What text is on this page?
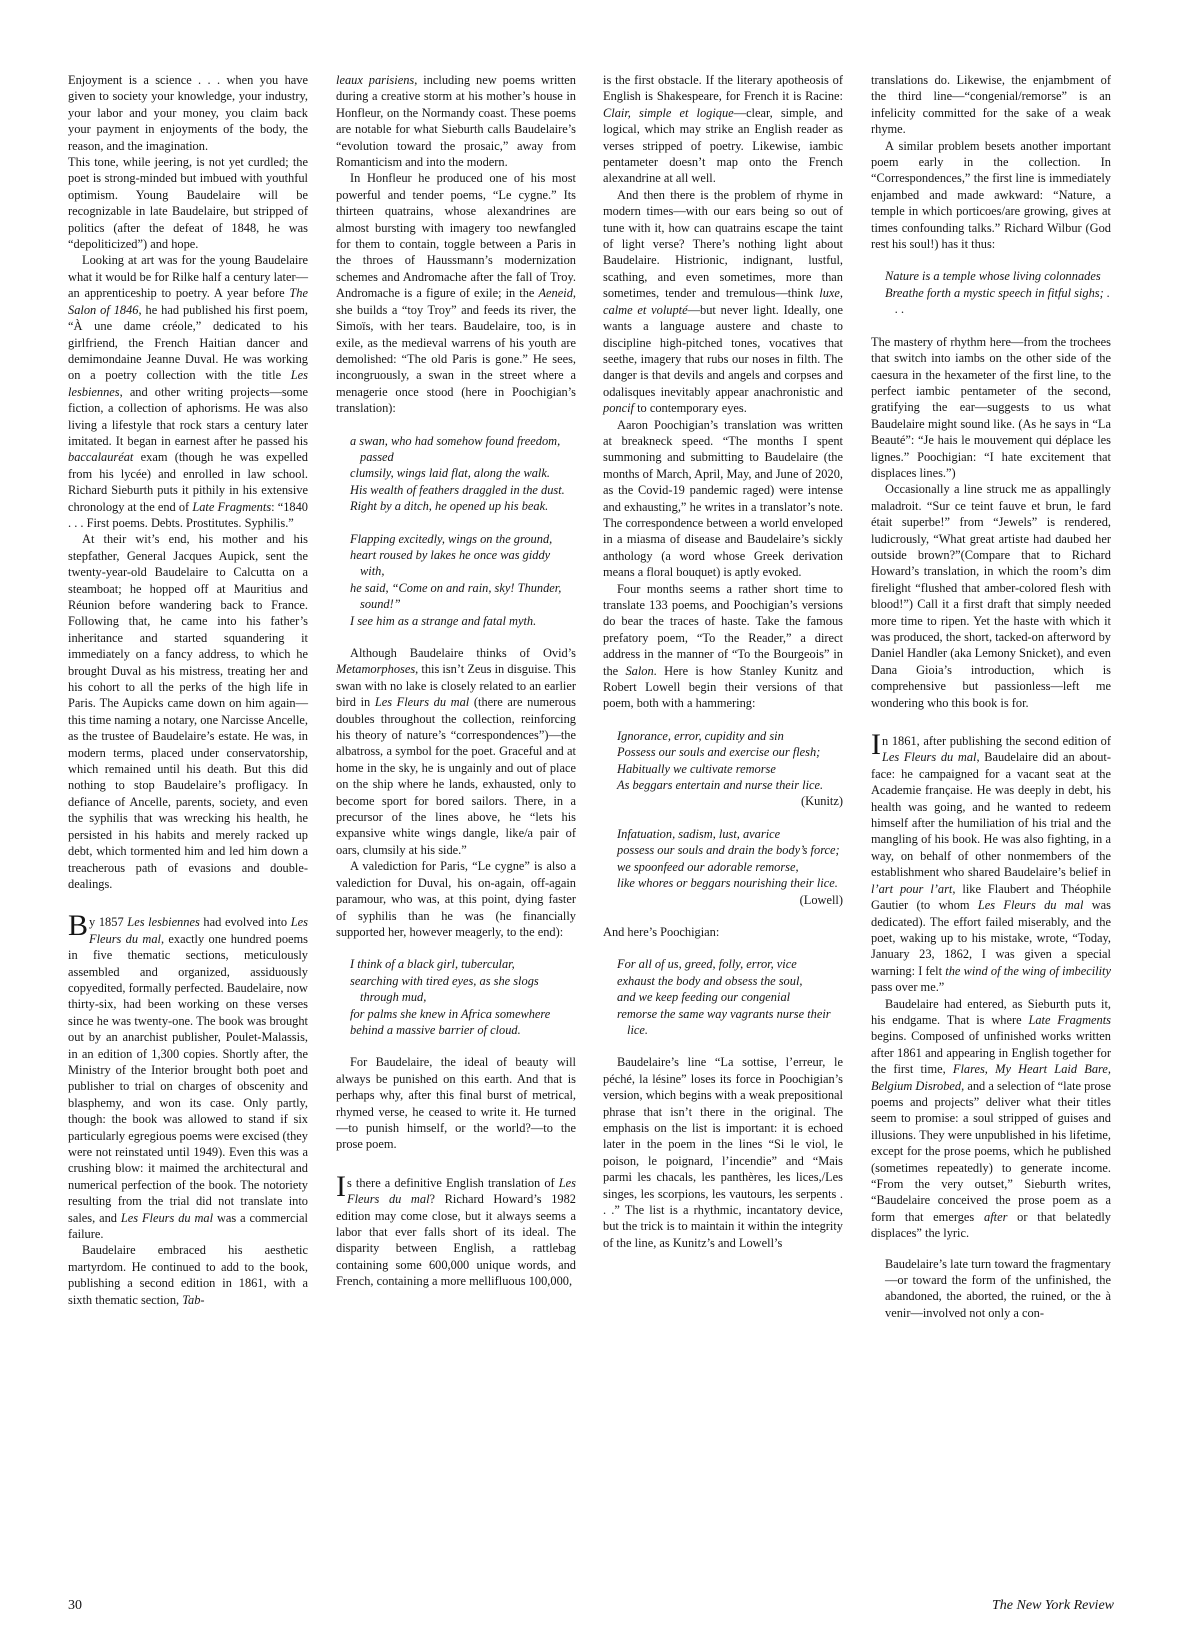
Enjoyment is a science . . . when you have given to society your knowledge, your industry, your labor and your money, you claim back your payment in enjoyments of the body, the reason, and the imagination.

This tone, while jeering, is not yet curdled; the poet is strong-minded but imbued with youthful optimism. Young Baudelaire will be recognizable in late Baudelaire, but stripped of politics (after the defeat of 1848, he was “depoliticized”) and hope.

Looking at art was for the young Baudelaire what it would be for Rilke half a century later—an apprenticeship to poetry. A year before The Salon of 1846, he had published his first poem, “À une dame créole,” dedicated to his girlfriend, the French Haitian dancer and demimondaine Jeanne Duval. He was working on a poetry collection with the title Les lesbiennes, and other writing projects—some fiction, a collection of aphorisms. He was also living a lifestyle that rock stars a century later imitated. It began in earnest after he passed his baccalauréat exam (though he was expelled from his lycée) and enrolled in law school. Richard Sieburth puts it pithily in his extensive chronology at the end of Late Fragments: “1840 . . . First poems. Debts. Prostitutes. Syphilis.”

At their wit’s end, his mother and his stepfather, General Jacques Aupick, sent the twenty-year-old Baudelaire to Calcutta on a steamboat; he hopped off at Mauritius and Réunion before wandering back to France. Following that, he came into his father’s inheritance and started squandering it immediately on a fancy address, to which he brought Duval as his mistress, treating her and his cohort to all the perks of the high life in Paris. The Aupicks came down on him again—this time naming a notary, one Narcisse Ancelle, as the trustee of Baudelaire’s estate. He was, in modern terms, placed under conservatorship, which remained until his death. But this did nothing to stop Baudelaire’s profligacy. In defiance of Ancelle, parents, society, and even the syphilis that was wrecking his health, he persisted in his habits and merely racked up debt, which tormented him and led him down a treacherous path of evasions and double-dealings.

By 1857 Les lesbiennes had evolved into Les Fleurs du mal, exactly one hundred poems in five thematic sections, meticulously assembled and organized, assiduously copyedited, formally perfected. Baudelaire, now thirty-six, had been working on these verses since he was twenty-one. The book was brought out by an anarchist publisher, Poulet-Malassis, in an edition of 1,300 copies. Shortly after, the Ministry of the Interior brought both poet and publisher to trial on charges of obscenity and blasphemy, and won its case. Only partly, though: the book was allowed to stand if six particularly egregious poems were excised (they were not reinstated until 1949). Even this was a crushing blow: it maimed the architectural and numerical perfection of the book. The notoriety resulting from the trial did not translate into sales, and Les Fleurs du mal was a commercial failure.

Baudelaire embraced his aesthetic martyrdom. He continued to add to the book, publishing a second edition in 1861, with a sixth thematic section, Tab-

leaux parisiens, including new poems written during a creative storm at his mother’s house in Honfleur, on the Normandy coast. These poems are notable for what Sieburth calls Baudelaire’s “evolution toward the prosaic,” away from Romanticism and into the modern.

In Honfleur he produced one of his most powerful and tender poems, “Le cygne.” Its thirteen quatrains, whose alexandrines are almost bursting with imagery too newfangled for them to contain, toggle between a Paris in the throes of Haussmann’s modernization schemes and Andromache after the fall of Troy. Andromache is a figure of exile; in the Aeneid, she builds a “toy Troy” and feeds its river, the Simoïs, with her tears. Baudelaire, too, is in exile, as the medieval warrens of his youth are demolished: “The old Paris is gone.” He sees, incongruously, a swan in the street where a menagerie once stood (here in Poochigian’s translation):

a swan, who had somehow found freedom, passed
clumsily, wings laid flat, along the walk.
His wealth of feathers draggled in the dust.
Right by a ditch, he opened up his beak.
Flapping excitedly, wings on the ground,
heart roused by lakes he once was giddy with,
he said, “Come on and rain, sky! Thunder, sound!”
I see him as a strange and fatal myth.

Although Baudelaire thinks of Ovid’s Metamorphoses, this isn’t Zeus in disguise. This swan with no lake is closely related to an earlier bird in Les Fleurs du mal (there are numerous doubles throughout the collection, reinforcing his theory of nature’s “correspondences”)—the albatross, a symbol for the poet. Graceful and at home in the sky, he is ungainly and out of place on the ship where he lands, exhausted, only to become sport for bored sailors. There, in a precursor of the lines above, he “lets his expansive white wings dangle, like/a pair of oars, clumsily at his side.”

A valediction for Paris, “Le cygne” is also a valediction for Duval, his on-again, off-again paramour, who was, at this point, dying faster of syphilis than he was (he financially supported her, however meagerly, to the end):

I think of a black girl, tubercular,
searching with tired eyes, as she slogs through mud,
for palms she knew in Africa somewhere
behind a massive barrier of cloud.

For Baudelaire, the ideal of beauty will always be punished on this earth. And that is perhaps why, after this final burst of metrical, rhymed verse, he ceased to write it. He turned—to punish himself, or the world?—to the prose poem.

Is there a definitive English translation of Les Fleurs du mal? Richard Howard’s 1982 edition may come close, but it always seems a labor that ever falls short of its ideal. The disparity between English, a rattlebag containing some 600,000 unique words, and French, containing a more mellifluous 100,000,

is the first obstacle. If the literary apotheosis of English is Shakespeare, for French it is Racine: Clair, simple et logique—clear, simple, and logical, which may strike an English reader as verses stripped of poetry. Likewise, iambic pentameter doesn’t map onto the French alexandrine at all well.

And then there is the problem of rhyme in modern times—with our ears being so out of tune with it, how can quatrains escape the taint of light verse? There’s nothing light about Baudelaire. Histrionic, indignant, lustful, scathing, and even sometimes, more than sometimes, tender and tremulous—think luxe, calme et volupté—but never light. Ideally, one wants a language austere and chaste to discipline high-pitched tones, vocatives that seethe, imagery that rubs our noses in filth. The danger is that devils and angels and corpses and odalisques inevitably appear anachronistic and poncif to contemporary eyes.

Aaron Poochigian’s translation was written at breakneck speed. “The months I spent summoning and submitting to Baudelaire (the months of March, April, May, and June of 2020, as the Covid-19 pandemic raged) were intense and exhausting,” he writes in a translator’s note. The correspondence between a world enveloped in a miasma of disease and Baudelaire’s sickly anthology (a word whose Greek derivation means a floral bouquet) is aptly evoked.

Four months seems a rather short time to translate 133 poems, and Poochigian’s versions do bear the traces of haste. Take the famous prefatory poem, “To the Reader,” a direct address in the manner of “To the Bourgeois” in the Salon. Here is how Stanley Kunitz and Robert Lowell begin their versions of that poem, both with a hammering:

Ignorance, error, cupidity and sin
Possess our souls and exercise our flesh;
Habitually we cultivate remorse
As beggars entertain and nurse their lice.
(Kunitz)
Infatuation, sadism, lust, avarice
possess our souls and drain the body’s force;
we spoonfeed our adorable remorse,
like whores or beggars nourishing their lice.
(Lowell)

And here’s Poochigian:

For all of us, greed, folly, error, vice
exhaust the body and obsess the soul,
and we keep feeding our congenial
remorse the same way vagrants nurse their lice.

Baudelaire’s line “La sottise, l’erreur, le péché, la lésine” loses its force in Poochigian’s version, which begins with a weak prepositional phrase that isn’t there in the original. The emphasis on the list is important: it is echoed later in the poem in the lines “Si le viol, le poison, le poignard, l’incendie” and “Mais parmi les chacals, les panthères, les lices,/Les singes, les scorpions, les vautours, les serpents . . .” The list is a rhythmic, incantatory device, but the trick is to maintain it within the integrity of the line, as Kunitz’s and Lowell’s

translations do. Likewise, the enjambment of the third line—“congenial/remorse” is an infelicity committed for the sake of a weak rhyme.

A similar problem besets another important poem early in the collection. In “Correspondences,” the first line is immediately enjambed and made awkward: “Nature, a temple in which porticoes/are growing, gives at times confounding talks.” Richard Wilbur (God rest his soul!) has it thus:

Nature is a temple whose living colonnades
Breathe forth a mystic speech in fitful sighs; . . .

The mastery of rhythm here—from the trochees that switch into iambs on the other side of the caesura in the hexameter of the first line, to the perfect iambic pentameter of the second, gratifying the ear—suggests to us what Baudelaire might sound like. (As he says in “La Beauté”: “Je hais le mouvement qui déplace les lignes.” Poochigian: “I hate excitement that displaces lines.”)

Occasionally a line struck me as appallingly maladroit. “Sur ce teint fauve et brun, le fard était superbe!” from “Jewels” is rendered, ludicrously, “What great artiste had daubed her outside brown?”(Compare that to Richard Howard’s translation, in which the room’s dim firelight “flushed that amber-colored flesh with blood!”) Call it a first draft that simply needed more time to ripen. Yet the haste with which it was produced, the short, tacked-on afterword by Daniel Handler (aka Lemony Snicket), and even Dana Gioia’s introduction, which is comprehensive but passionless—left me wondering who this book is for.

In 1861, after publishing the second edition of Les Fleurs du mal, Baudelaire did an about-face: he campaigned for a vacant seat at the Academie française. He was deeply in debt, his health was going, and he wanted to redeem himself after the humiliation of his trial and the mangling of his book. He was also fighting, in a way, on behalf of other nonmembers of the establishment who shared Baudelaire’s belief in l’art pour l’art, like Flaubert and Théophile Gautier (to whom Les Fleurs du mal was dedicated). The effort failed miserably, and the poet, waking up to his mistake, wrote, “Today, January 23, 1862, I was given a special warning: I felt the wind of the wing of imbecility pass over me.”

Baudelaire had entered, as Sieburth puts it, his endgame. That is where Late Fragments begins. Composed of unfinished works written after 1861 and appearing in English together for the first time, Flares, My Heart Laid Bare, Belgium Disrobed, and a selection of “late prose poems and projects” deliver what their titles seem to promise: a soul stripped of guises and illusions. They were unpublished in his lifetime, except for the prose poems, which he published (sometimes repeatedly) to generate income. “From the very outset,” Sieburth writes, “Baudelaire conceived the prose poem as a form that emerges after or that belatedly displaces” the lyric.

Baudelaire’s late turn toward the fragmentary—or toward the form of the unfinished, the abandoned, the aborted, the ruined, or the à venir—involved not only a con-

30	The New York Review
